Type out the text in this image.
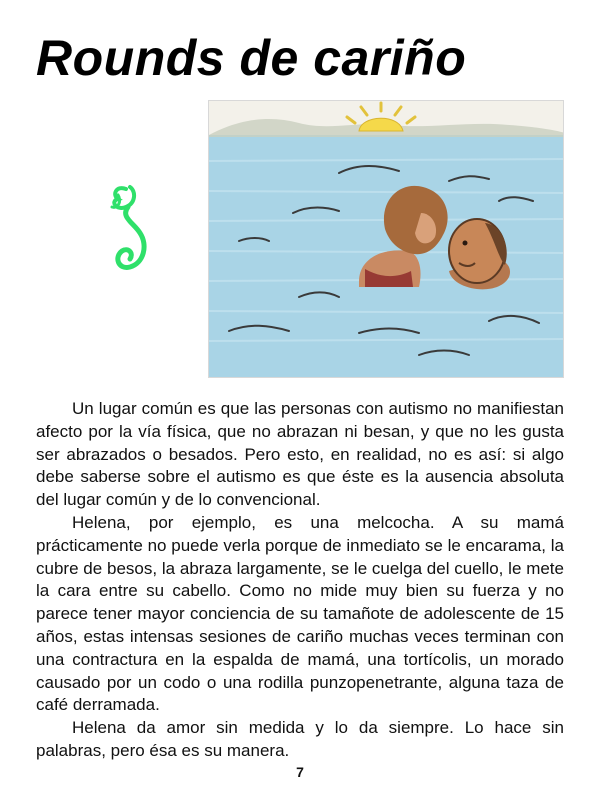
Rounds de cariño

Un lugar común es que las personas con autismo no manifiestan afecto por la vía física, que no abrazan ni besan, y que no les gusta ser abrazados o besados. Pero esto, en realidad, no es así: si algo debe saberse sobre el autismo es que éste es la ausencia absoluta del lugar común y de lo convencional.

Helena, por ejemplo, es una melcocha. A su mamá prácticamente no puede verla porque de inmediato se le encarama, la cubre de besos, la abraza largamente, se le cuelga del cuello, le mete la cara entre su cabello. Como no mide muy bien su fuerza y no parece tener mayor conciencia de su tamañote de adolescente de 15 años, estas intensas sesiones de cariño muchas veces terminan con una contractura en la espalda de mamá, una tortícolis, un morado causado por un codo o una rodilla punzopenetrante, alguna taza de café derramada.

Helena da amor sin medida y lo da siempre. Lo hace sin palabras, pero ésa es su manera.

7
